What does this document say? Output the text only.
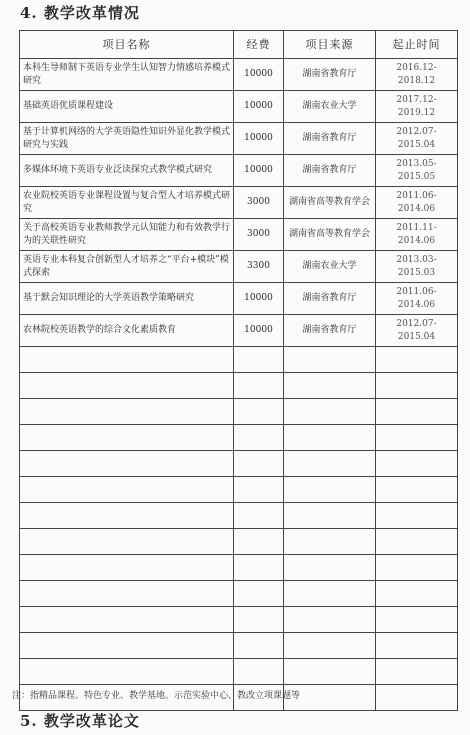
4. 教学改革情况
项目名称	经费	项目来源	起止时间
本科生导师制下英语专业学生认知智力情感培养模式研究	10000	湖南省教育厅	2016.12-
2018.12

基础英语优质课程建设	10000	湖南农业大学	2017.12-
2019.12

基于计算机网络的大学英语隐性知识外显化教学模式研究与实践	10000	湖南省教育厅	2012.07-
2015.04

多媒体环境下英语专业泛读探究式教学模式研究	10000	湖南省教育厅	2013.05-
2015.05

农业院校英语专业课程设置与复合型人才培养模式研究	3000	湖南省高等教育学会	2011.06-
2014.06

关于高校英语专业教师教学元认知能力和有效教学行为的关联性研究	3000	湖南省高等教育学会	2011.11-
2014.06

英语专业本科复合创新型人才培养之“平台+模块”模式探索	3300	湖南农业大学	2013.03-
2015.03

基于默会知识理论的大学英语教学策略研究	10000	湖南省教育厅	2011.06-
2014.06

农林院校英语教学的综合文化素质教育	10000	湖南省教育厅	2012.07-
2015.04

注：指精品课程、特色专业、教学基地、示范实验中心、教改立项课题等
5. 教学改革论文
